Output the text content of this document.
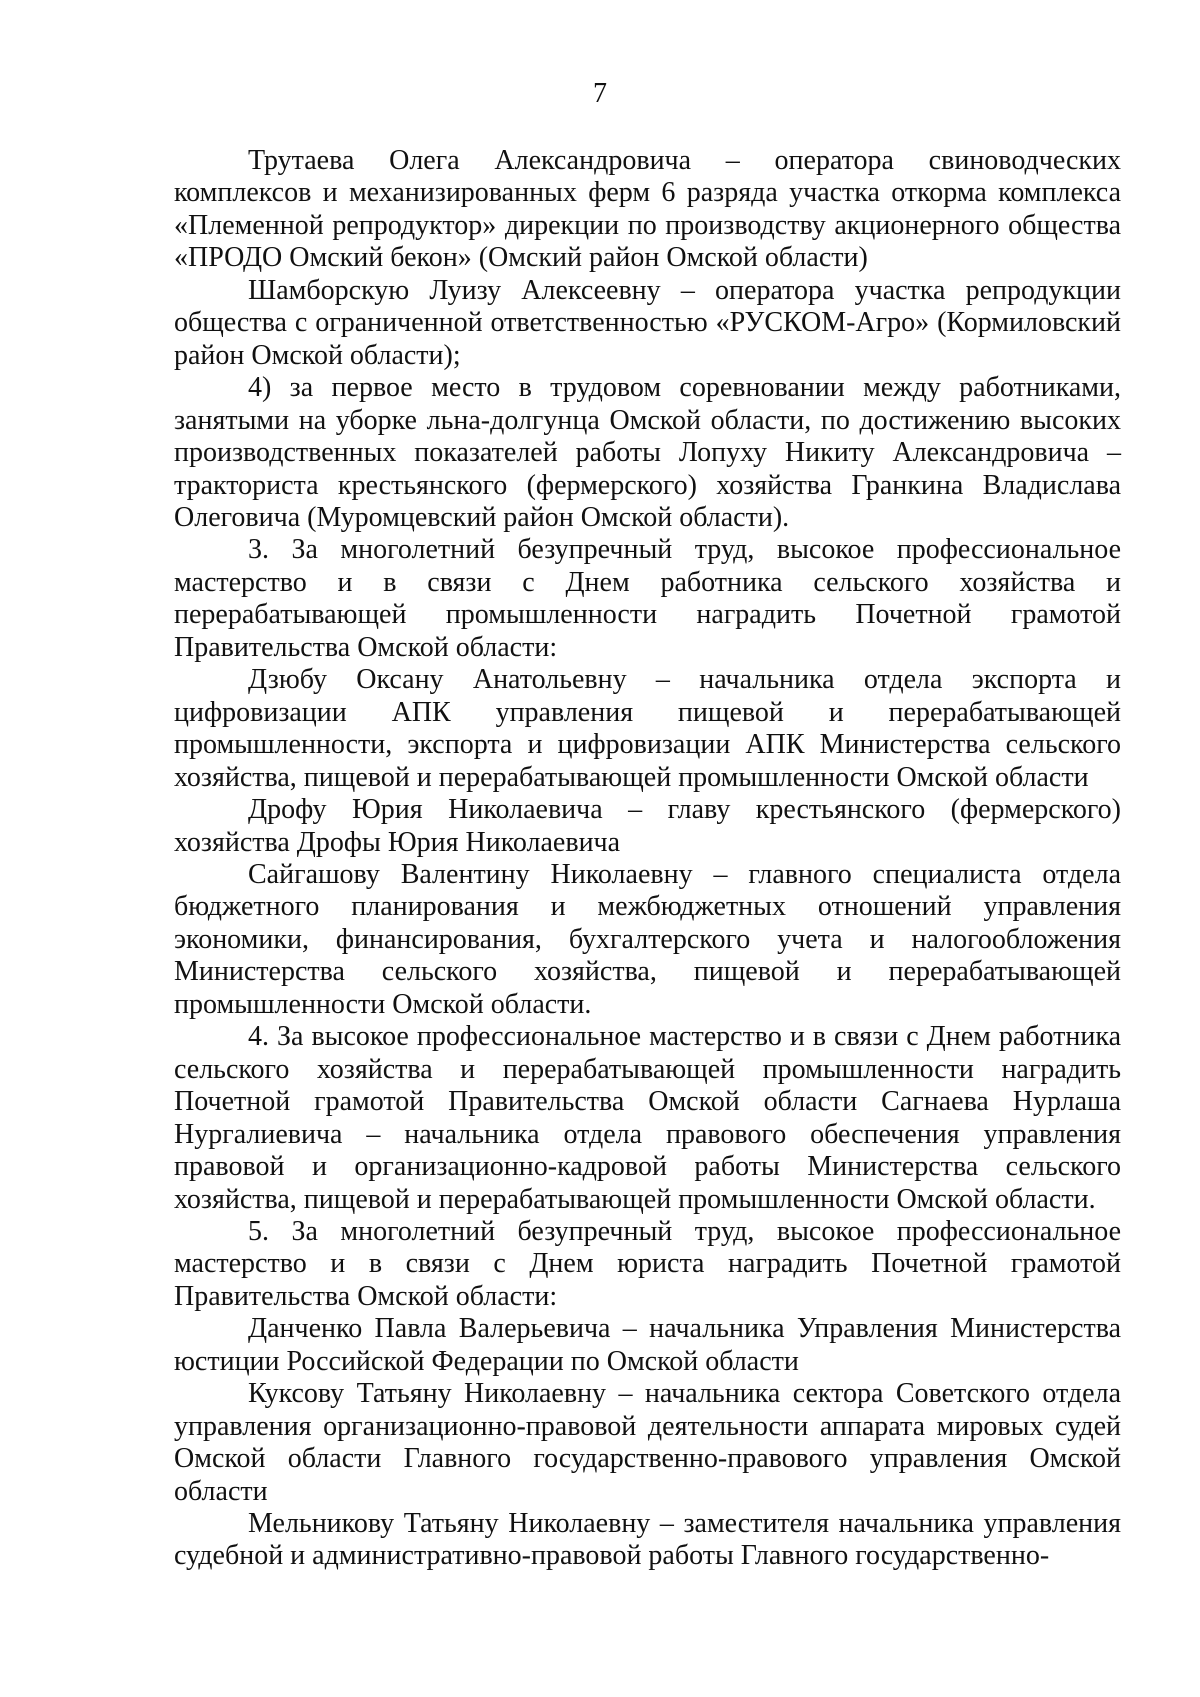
7

Трутаева Олега Александровича – оператора свиноводческих комплексов и механизированных ферм 6 разряда участка откорма комплекса «Племенной репродуктор» дирекции по производству акционерного общества «ПРОДО Омский бекон» (Омский район Омской области)

Шамборскую Луизу Алексеевну – оператора участка репродукции общества с ограниченной ответственностью «РУСКОМ-Агро» (Кормиловский район Омской области);

4) за первое место в трудовом соревновании между работниками, занятыми на уборке льна-долгунца Омской области, по достижению высоких производственных показателей работы Лопуху Никиту Александровича – тракториста крестьянского (фермерского) хозяйства Гранкина Владислава Олеговича (Муромцевский район Омской области).

3. За многолетний безупречный труд, высокое профессиональное мастерство и в связи с Днем работника сельского хозяйства и перерабатывающей промышленности наградить Почетной грамотой Правительства Омской области:

Дзюбу Оксану Анатольевну – начальника отдела экспорта и цифровизации АПК управления пищевой и перерабатывающей промышленности, экспорта и цифровизации АПК Министерства сельского хозяйства, пищевой и перерабатывающей промышленности Омской области

Дрофу Юрия Николаевича – главу крестьянского (фермерского) хозяйства Дрофы Юрия Николаевича

Сайгашову Валентину Николаевну – главного специалиста отдела бюджетного планирования и межбюджетных отношений управления экономики, финансирования, бухгалтерского учета и налогообложения Министерства сельского хозяйства, пищевой и перерабатывающей промышленности Омской области.

4. За высокое профессиональное мастерство и в связи с Днем работника сельского хозяйства и перерабатывающей промышленности наградить Почетной грамотой Правительства Омской области Сагнаева Нурлаша Нургалиевича – начальника отдела правового обеспечения управления правовой и организационно-кадровой работы Министерства сельского хозяйства, пищевой и перерабатывающей промышленности Омской области.

5. За многолетний безупречный труд, высокое профессиональное мастерство и в связи с Днем юриста наградить Почетной грамотой Правительства Омской области:

Данченко Павла Валерьевича – начальника Управления Министерства юстиции Российской Федерации по Омской области

Куксову Татьяну Николаевну – начальника сектора Советского отдела управления организационно-правовой деятельности аппарата мировых судей Омской области Главного государственно-правового управления Омской области

Мельникову Татьяну Николаевну – заместителя начальника управления судебной и административно-правовой работы Главного государственно-
